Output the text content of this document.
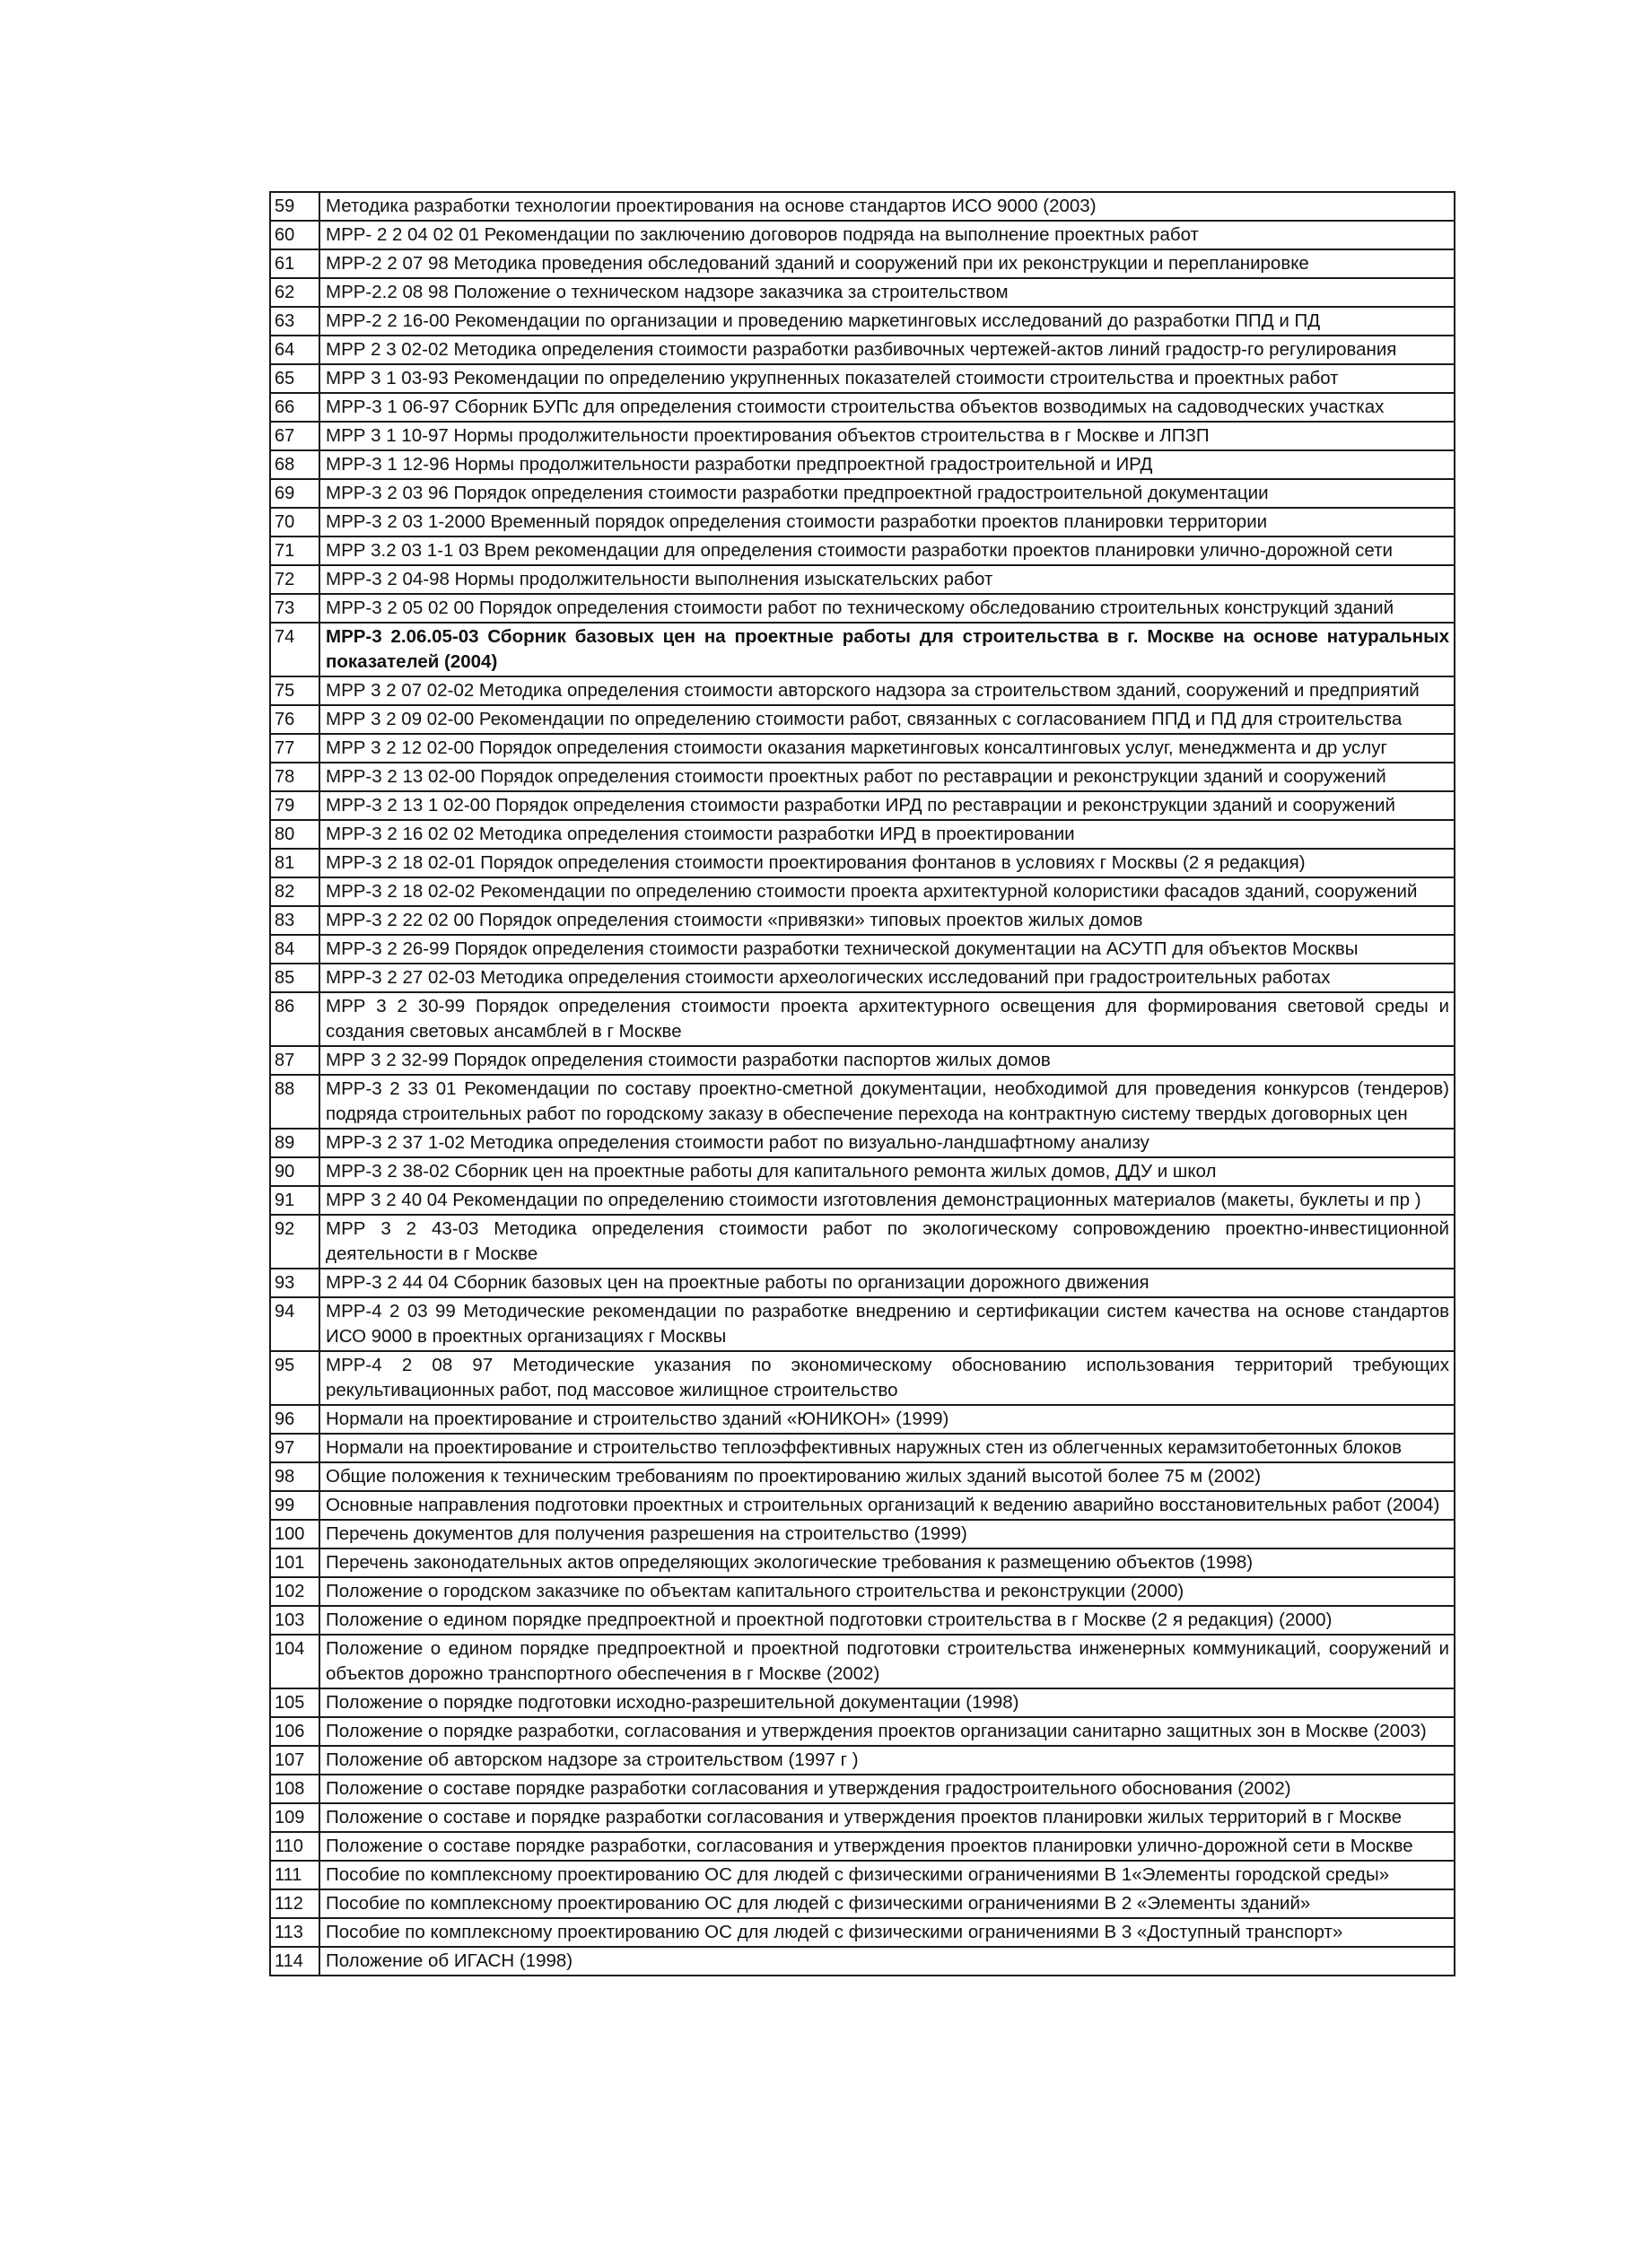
59	Методика разработки технологии проектирования на основе стандартов ИСО 9000 (2003)
60	МРР- 2 2 04 02 01 Рекомендации по заключению договоров подряда на выполнение проектных работ
61	МРР-2 2 07 98 Методика проведения обследований зданий и сооружений при их реконструкции и перепланировке
62	МРР-2.2 08 98 Положение о техническом надзоре заказчика за строительством
63	МРР-2 2 16-00 Рекомендации по организации и проведению маркетинговых исследований до разработки ППД и ПД
64	МРР 2 3 02-02 Методика определения стоимости разработки разбивочных чертежей-актов линий градостр-го регулирования
65	МРР 3 1 03-93 Рекомендации по определению укрупненных показателей стоимости строительства и проектных работ
66	МРР-3 1 06-97 Сборник БУПс для определения стоимости строительства объектов возводимых на садоводческих участках
67	МРР 3 1 10-97 Нормы продолжительности проектирования объектов строительства в г Москве и ЛПЗП
68	МРР-3 1 12-96 Нормы продолжительности разработки предпроектной градостроительной и ИРД
69	МРР-3 2 03 96 Порядок определения стоимости разработки предпроектной градостроительной документации
70	МРР-3 2 03 1-2000 Временный порядок определения стоимости разработки проектов планировки территории
71	МРР 3.2 03 1-1 03 Врем рекомендации для определения стоимости разработки проектов планировки улично-дорожной сети
72	МРР-3 2 04-98 Нормы продолжительности выполнения изыскательских работ
73	МРР-3 2 05 02 00 Порядок определения стоимости работ по техническому обследованию строительных конструкций зданий
74	МРР-3 2.06.05-03 Сборник базовых цен на проектные работы для строительства в г. Москве на основе натуральных показателей (2004)
75	МРР 3 2 07 02-02 Методика определения стоимости авторского надзора за строительством зданий, сооружений и предприятий
76	МРР 3 2 09 02-00 Рекомендации по определению стоимости работ, связанных с согласованием ППД и ПД для строительства
77	МРР 3 2 12 02-00 Порядок определения стоимости оказания маркетинговых консалтинговых услуг, менеджмента и др услуг
78	МРР-3 2 13 02-00 Порядок определения стоимости проектных работ по реставрации и реконструкции зданий и сооружений
79	МРР-3 2 13 1 02-00 Порядок определения стоимости разработки ИРД по реставрации и реконструкции зданий и сооружений
80	МРР-3 2 16 02 02 Методика определения стоимости разработки ИРД в проектировании
81	МРР-3 2 18 02-01 Порядок определения стоимости проектирования фонтанов в условиях г Москвы (2 я редакция)
82	МРР-3 2 18 02-02 Рекомендации по определению стоимости проекта архитектурной колористики фасадов зданий, сооружений
83	МРР-3 2 22 02 00 Порядок определения стоимости «привязки» типовых проектов жилых домов
84	МРР-3 2 26-99 Порядок определения стоимости разработки технической документации на АСУТП для объектов Москвы
85	МРР-3 2 27 02-03 Методика определения стоимости археологических исследований при градостроительных работах
86	МРР 3 2 30-99 Порядок определения стоимости проекта архитектурного освещения для формирования световой среды и создания световых ансамблей в г Москве
87	МРР 3 2 32-99 Порядок определения стоимости разработки паспортов жилых домов
88	МРР-3 2 33 01 Рекомендации по составу проектно-сметной документации, необходимой для проведения конкурсов (тендеров) подряда строительных работ по городскому заказу в обеспечение перехода на контрактную систему твердых договорных цен
89	МРР-3 2 37 1-02 Методика определения стоимости работ по визуально-ландшафтному анализу
90	МРР-3 2 38-02 Сборник цен на проектные работы для капитального ремонта жилых домов, ДДУ и школ
91	МРР 3 2 40 04 Рекомендации по определению стоимости изготовления демонстрационных материалов (макеты, буклеты и пр )
92	МРР 3 2 43-03 Методика определения стоимости работ по экологическому сопровождению проектно-инвестиционной деятельности в г Москве
93	МРР-3 2 44 04 Сборник базовых цен на проектные работы по организации дорожного движения
94	МРР-4 2 03 99 Методические рекомендации по разработке внедрению и сертификации систем качества на основе стандартов ИСО 9000 в проектных организациях г Москвы
95	МРР-4 2 08 97 Методические указания по экономическому обоснованию использования территорий требующих рекультивационных работ, под массовое жилищное строительство
96	Нормали на проектирование и строительство зданий «ЮНИКОН» (1999)
97	Нормали на проектирование и строительство теплоэффективных наружных стен из облегченных керамзитобетонных блоков
98	Общие положения к техническим требованиям по проектированию жилых зданий высотой более 75 м (2002)
99	Основные направления подготовки проектных и строительных организаций к ведению аварийно восстановительных работ (2004)
100	Перечень документов для получения разрешения на строительство (1999)
101	Перечень законодательных актов определяющих экологические требования к размещению объектов (1998)
102	Положение о городском заказчике по объектам капитального строительства и реконструкции (2000)
103	Положение о едином порядке предпроектной и проектной подготовки строительства в г Москве (2 я редакция) (2000)
104	Положение о едином порядке предпроектной и проектной подготовки строительства инженерных коммуникаций, сооружений и объектов дорожно транспортного обеспечения в г Москве (2002)
105	Положение о порядке подготовки исходно-разрешительной документации (1998)
106	Положение о порядке разработки, согласования и утверждения проектов организации санитарно защитных зон в Москве (2003)
107	Положение об авторском надзоре за строительством (1997 г )
108	Положение о составе порядке разработки согласования и утверждения градостроительного обоснования (2002)
109	Положение о составе и порядке разработки согласования и утверждения проектов планировки жилых территорий в г Москве
110	Положение о составе порядке разработки, согласования и утверждения проектов планировки улично-дорожной сети в Москве
111	Пособие по комплексному проектированию ОС для людей с физическими ограничениями В 1«Элементы городской среды»
112	Пособие по комплексному проектированию ОС для людей с физическими ограничениями В 2 «Элементы зданий»
113	Пособие по комплексному проектированию ОС для людей с физическими ограничениями В 3 «Доступный транспорт»
114	Положение об ИГАСН (1998)
